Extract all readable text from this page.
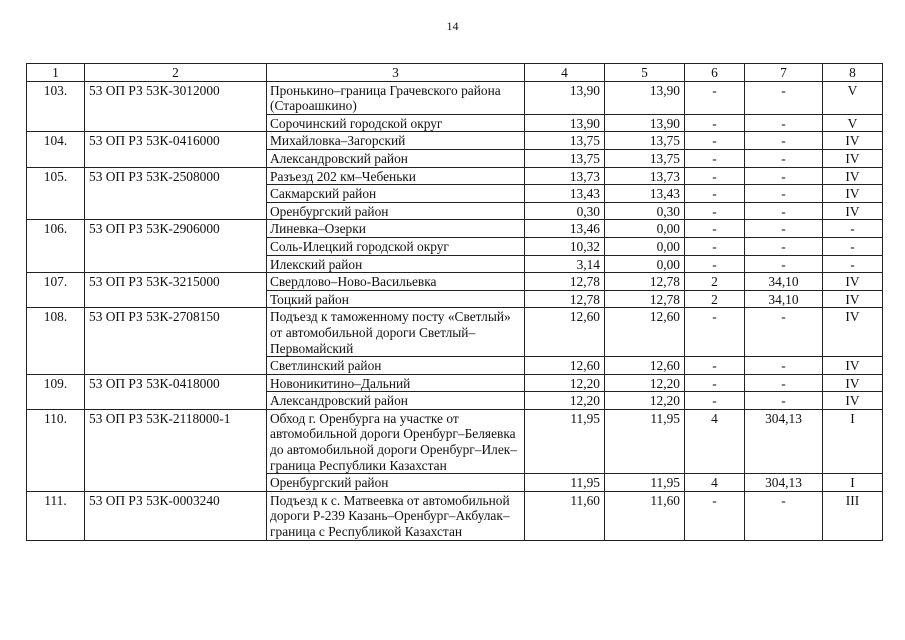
14
1	2	3	4	5	6	7	8
103.	53 ОП РЗ 53К-3012000	Пронькино–граница Грачевского района (Староашкино)	13,90	13,90	-	-	V
		Сорочинский городской округ	13,90	13,90	-	-	V
104.	53 ОП РЗ 53К-0416000	Михайловка–Загорский	13,75	13,75	-	-	IV
		Александровский район	13,75	13,75	-	-	IV
105.	53 ОП РЗ 53К-2508000	Разъезд 202 км–Чебеньки	13,73	13,73	-	-	IV
		Сакмарский район	13,43	13,43	-	-	IV
		Оренбургский район	0,30	0,30	-	-	IV
106.	53 ОП РЗ 53К-2906000	Линевка–Озерки	13,46	0,00	-	-	-
		Соль-Илецкий городской округ	10,32	0,00	-	-	-
		Илекский район	3,14	0,00	-	-	-
107.	53 ОП РЗ 53К-3215000	Свердлово–Ново-Васильевка	12,78	12,78	2	34,10	IV
		Тоцкий район	12,78	12,78	2	34,10	IV
108.	53 ОП РЗ 53К-2708150	Подъезд к таможенному посту «Светлый» от автомобильной дороги Светлый–Первомайский	12,60	12,60	-	-	IV
		Светлинский район	12,60	12,60	-	-	IV
109.	53 ОП РЗ 53К-0418000	Новоникитино–Дальний	12,20	12,20	-	-	IV
		Александровский район	12,20	12,20	-	-	IV
110.	53 ОП РЗ 53К-2118000-1	Обход г. Оренбурга на участке от автомобильной дороги Оренбург–Беляевка до автомобильной дороги Оренбург–Илек–граница Республики Казахстан	11,95	11,95	4	304,13	I
		Оренбургский район	11,95	11,95	4	304,13	I
111.	53 ОП РЗ 53К-0003240	Подъезд к с. Матвеевка от автомобильной дороги Р-239 Казань–Оренбург–Акбулак–граница с Республикой Казахстан	11,60	11,60	-	-	III
